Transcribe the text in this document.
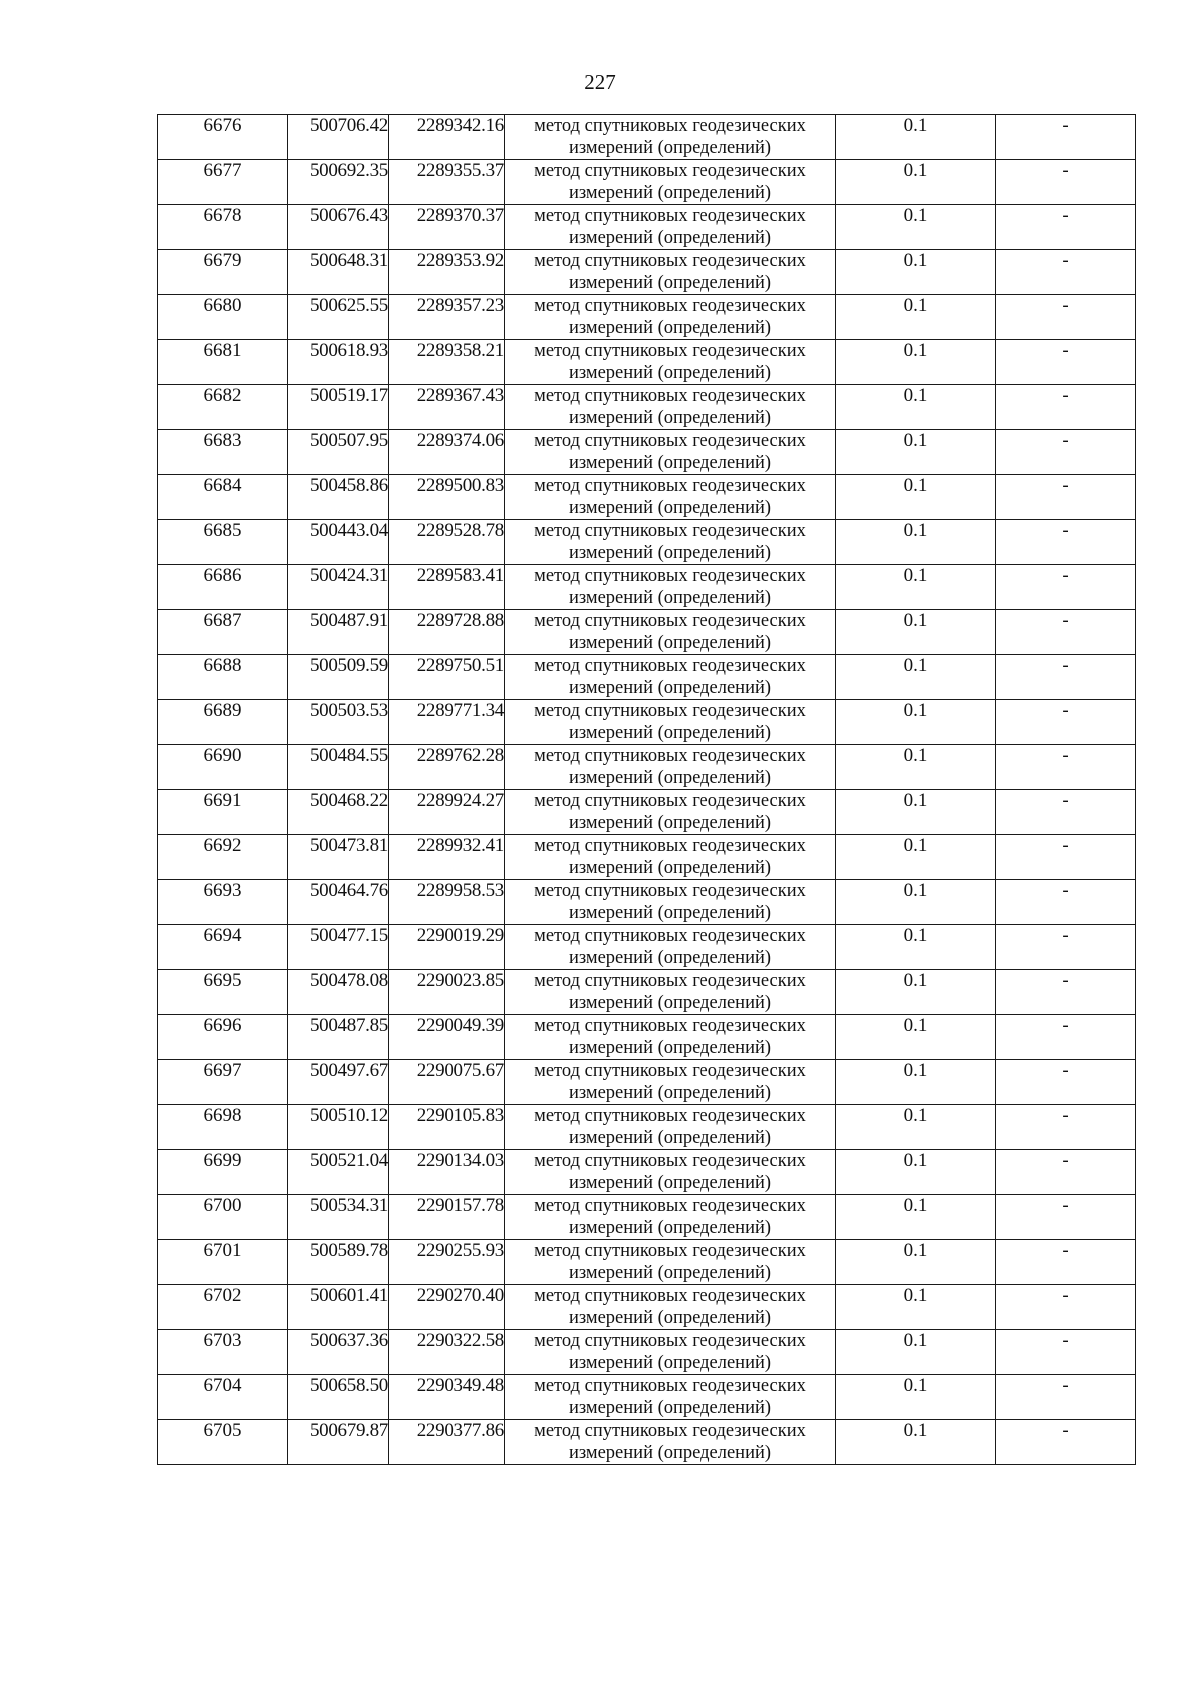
227
6676	500706.42	2289342.16	метод спутниковых геодезических измерений (определений)	0.1	-
6677	500692.35	2289355.37	метод спутниковых геодезических измерений (определений)	0.1	-
6678	500676.43	2289370.37	метод спутниковых геодезических измерений (определений)	0.1	-
6679	500648.31	2289353.92	метод спутниковых геодезических измерений (определений)	0.1	-
6680	500625.55	2289357.23	метод спутниковых геодезических измерений (определений)	0.1	-
6681	500618.93	2289358.21	метод спутниковых геодезических измерений (определений)	0.1	-
6682	500519.17	2289367.43	метод спутниковых геодезических измерений (определений)	0.1	-
6683	500507.95	2289374.06	метод спутниковых геодезических измерений (определений)	0.1	-
6684	500458.86	2289500.83	метод спутниковых геодезических измерений (определений)	0.1	-
6685	500443.04	2289528.78	метод спутниковых геодезических измерений (определений)	0.1	-
6686	500424.31	2289583.41	метод спутниковых геодезических измерений (определений)	0.1	-
6687	500487.91	2289728.88	метод спутниковых геодезических измерений (определений)	0.1	-
6688	500509.59	2289750.51	метод спутниковых геодезических измерений (определений)	0.1	-
6689	500503.53	2289771.34	метод спутниковых геодезических измерений (определений)	0.1	-
6690	500484.55	2289762.28	метод спутниковых геодезических измерений (определений)	0.1	-
6691	500468.22	2289924.27	метод спутниковых геодезических измерений (определений)	0.1	-
6692	500473.81	2289932.41	метод спутниковых геодезических измерений (определений)	0.1	-
6693	500464.76	2289958.53	метод спутниковых геодезических измерений (определений)	0.1	-
6694	500477.15	2290019.29	метод спутниковых геодезических измерений (определений)	0.1	-
6695	500478.08	2290023.85	метод спутниковых геодезических измерений (определений)	0.1	-
6696	500487.85	2290049.39	метод спутниковых геодезических измерений (определений)	0.1	-
6697	500497.67	2290075.67	метод спутниковых геодезических измерений (определений)	0.1	-
6698	500510.12	2290105.83	метод спутниковых геодезических измерений (определений)	0.1	-
6699	500521.04	2290134.03	метод спутниковых геодезических измерений (определений)	0.1	-
6700	500534.31	2290157.78	метод спутниковых геодезических измерений (определений)	0.1	-
6701	500589.78	2290255.93	метод спутниковых геодезических измерений (определений)	0.1	-
6702	500601.41	2290270.40	метод спутниковых геодезических измерений (определений)	0.1	-
6703	500637.36	2290322.58	метод спутниковых геодезических измерений (определений)	0.1	-
6704	500658.50	2290349.48	метод спутниковых геодезических измерений (определений)	0.1	-
6705	500679.87	2290377.86	метод спутниковых геодезических измерений (определений)	0.1	-
